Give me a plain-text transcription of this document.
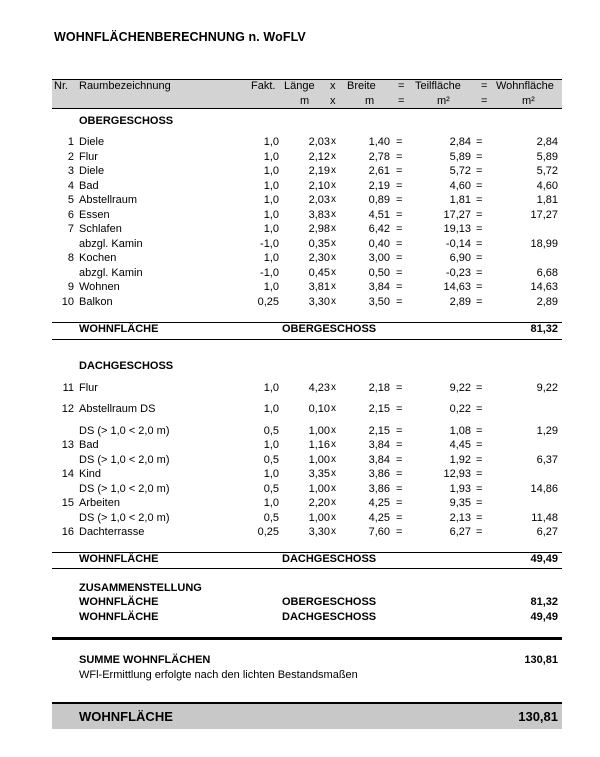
WOHNFLÄCHENBERECHNUNG n. WoFLV
Nr. Raumbezeichnung	Fakt. Länge x Breite = Teilfläche = Wohnfläche
m x	m =	m²	=	m²
OBERGESCHOSS
1 Diele	1,0	2,03 x	1,40 =	2,84 =	2,84
2 Flur	1,0	2,12 x	2,78 =	5,89 =	5,89
3 Diele	1,0	2,19 x	2,61 =	5,72 =	5,72
4 Bad	1,0	2,10 x	2,19 =	4,60 =	4,60
5 Abstellraum	1,0	2,03 x	0,89 =	1,81 =	1,81
6 Essen	1,0	3,83 x	4,51 =	17,27 =	17,27
7 Schlafen	1,0	2,98 x	6,42 =	19,13 =
abzgl. Kamin	-1,0	0,35 x	0,40 =	-0,14 =	18,99
8 Kochen	1,0	2,30 x	3,00 =	6,90 =
abzgl. Kamin	-1,0	0,45 x	0,50 =	-0,23 =	6,68
9 Wohnen	1,0	3,81 x	3,84 =	14,63 =	14,63
10 Balkon	0,25	3,30 x	3,50 =	2,89 =	2,89
WOHNFLÄCHE	OBERGESCHOSS	81,32
DACHGESCHOSS
11 Flur	1,0	4,23 x	2,18 =	9,22 =	9,22
12 Abstellraum DS	1,0	0,10 x	2,15 =	0,22 =
DS (> 1,0 < 2,0 m)	0,5	1,00 x	2,15 =	1,08 =	1,29
13 Bad	1,0	1,16 x	3,84 =	4,45 =
DS (> 1,0 < 2,0 m)	0,5	1,00 x	3,84 =	1,92 =	6,37
14 Kind	1,0	3,35 x	3,86 =	12,93 =
DS (> 1,0 < 2,0 m)	0,5	1,00 x	3,86 =	1,93 =	14,86
15 Arbeiten	1,0	2,20 x	4,25 =	9,35 =
DS (> 1,0 < 2,0 m)	0,5	1,00 x	4,25 =	2,13 =	11,48
16 Dachterrasse	0,25	3,30 x	7,60 =	6,27 =	6,27
WOHNFLÄCHE	DACHGESCHOSS	49,49
ZUSAMMENSTELLUNG
WOHNFLÄCHE	OBERGESCHOSS	81,32
WOHNFLÄCHE	DACHGESCHOSS	49,49
SUMME WOHNFLÄCHEN	130,81
WFl-Ermittlung erfolgte nach den lichten Bestandsmaßen
WOHNFLÄCHE	130,81
